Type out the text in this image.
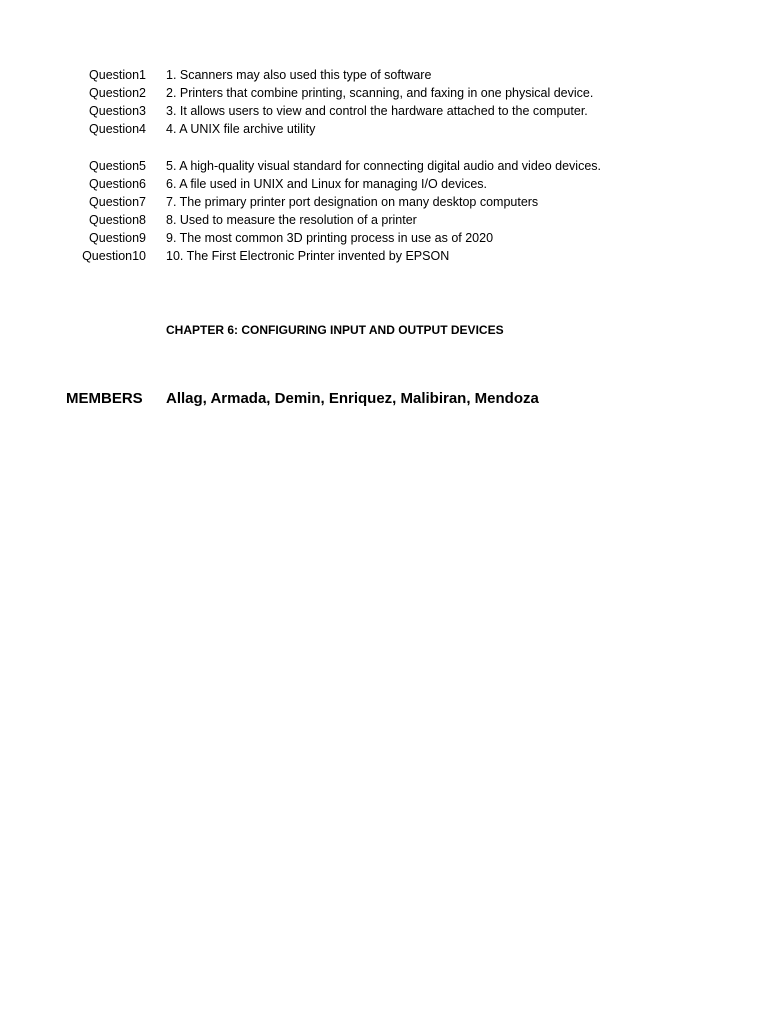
Question1 1. Scanners may also used this type of software
Question2 2. Printers that combine printing, scanning, and faxing in one physical device.
Question3 3. It allows users to view and control the hardware attached to the computer.
Question4 4. A UNIX file archive utility
Question5 5. A high-quality visual standard for connecting digital audio and video devices.
Question6 6. A file used in UNIX and Linux for managing I/O devices.
Question7 7. The primary printer port designation on many desktop computers
Question8 8. Used to measure the resolution of a printer
Question9 9. The most common 3D printing process in use as of 2020
Question10 10. The First Electronic Printer invented by EPSON
CHAPTER 6: CONFIGURING INPUT AND OUTPUT DEVICES
MEMBERS Allag, Armada, Demin, Enriquez, Malibiran, Mendoza
